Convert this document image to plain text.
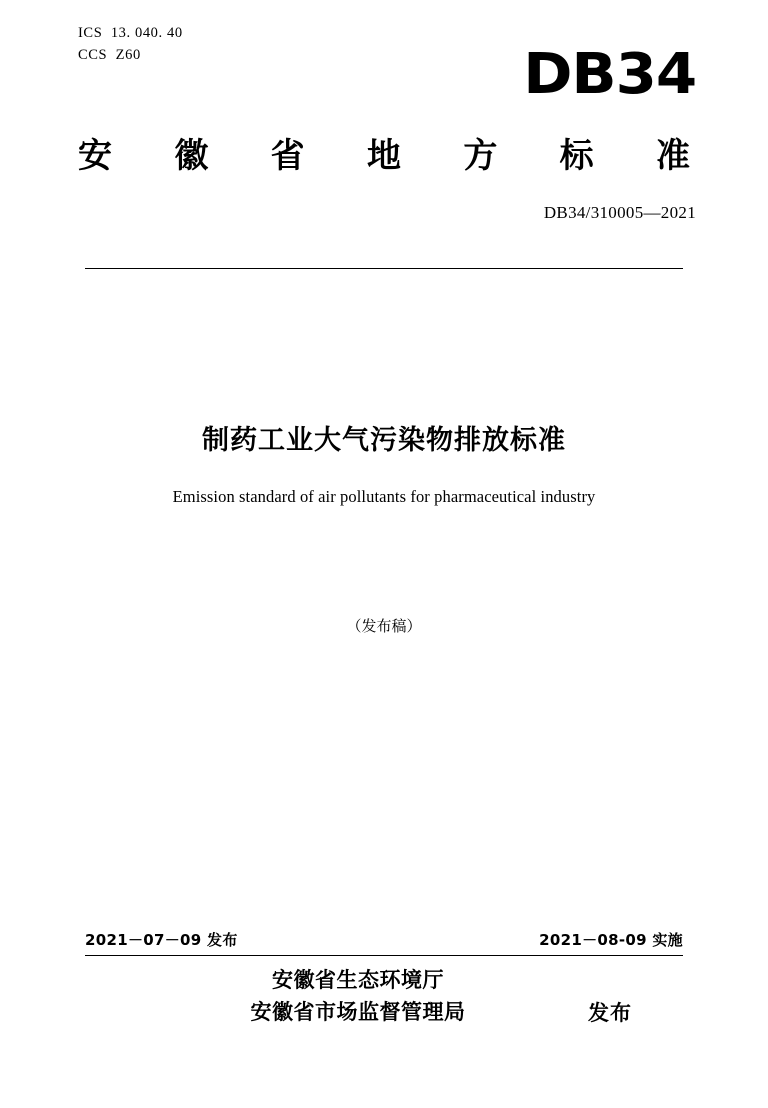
ICS  13. 040. 40
CCS  Z60	DB34
安 徽 省 地 方 标 准
DB34/310005—2021
制药工业大气污染物排放标准
Emission standard of air pollutants for pharmaceutical industry
（发布稿）
2021－07－09 发布	2021－08-09 实施
安徽省生态环境厅
安徽省市场监督管理局	发布
